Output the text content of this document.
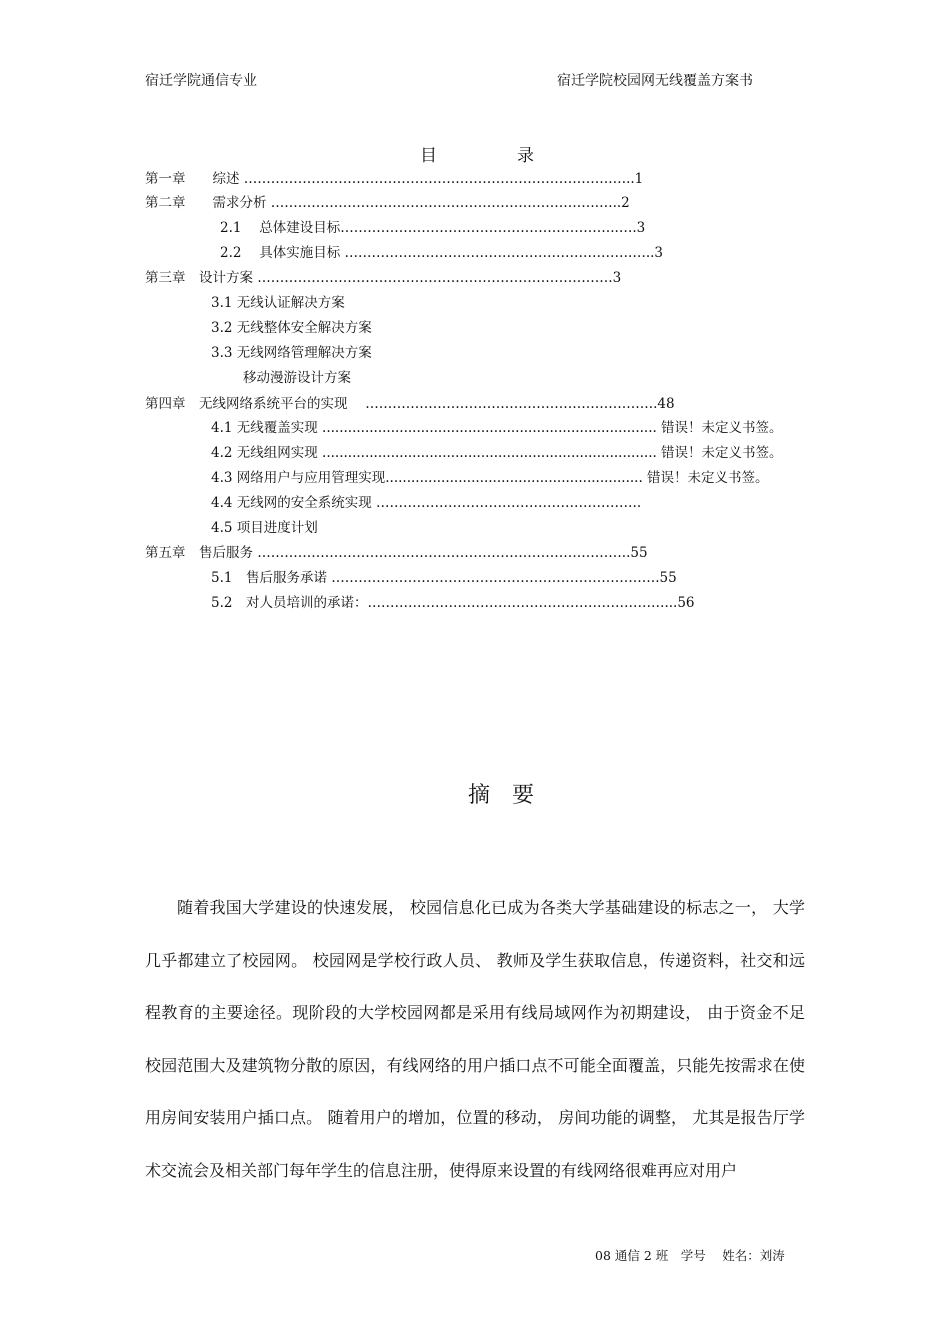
宿迁学院通信专业	宿迁学院校园网无线覆盖方案书
目	录
第一章　　综述 ……………………………………………………………………….…..1
第二章　　需求分析 ……………………………………………………………….…..2
2.1　 总体建设目标……………………………………………………..….3
2.2　 具体实施目标 ……………………………………………………….…..3
第三章　设计方案 …………………………………………………………………….3
3.1 无线认证解决方案
3.2 无线整体安全解决方案
3.3 无线网络管理解决方案
移动漫游设计方案
第四章　无线网络系统平台的实现　 ………………………………………………………..48
4.1 无线覆盖实现 .............................................................................. 错误！未定义书签。
4.2 无线组网实现 .............................................................................. 错误！未定义书签。
4.3 网络用户与应用管理实现............................................................ 错误！未定义书签。
4.4 无线网的安全系统实现 …………………………………………………..
4.5 项目进度计划
第五章　售后服务 ………………………………………………………………………..55
5.1　售后服务承诺 ……………………………………………………………….55
5.2　对人员培训的承诺：…………………………………………………………...56
摘 要

随着我国大学建设的快速发展， 校园信息化已成为各类大学基础建设的标志之一， 大学几乎都建立了校园网。 校园网是学校行政人员、 教师及学生获取信息，传递资料，社交和远程教育的主要途径。现阶段的大学校园网都是采用有线局域网作为初期建设， 由于资金不足校园范围大及建筑物分散的原因，有线网络的用户插口点不可能全面覆盖，只能先按需求在使用房间安装用户插口点。 随着用户的增加，位置的移动， 房间功能的调整， 尤其是报告厅学术交流会及相关部门每年学生的信息注册，使得原来设置的有线网络很难再应对用户

08 通信 2 班　学号　 姓名：刘涛
